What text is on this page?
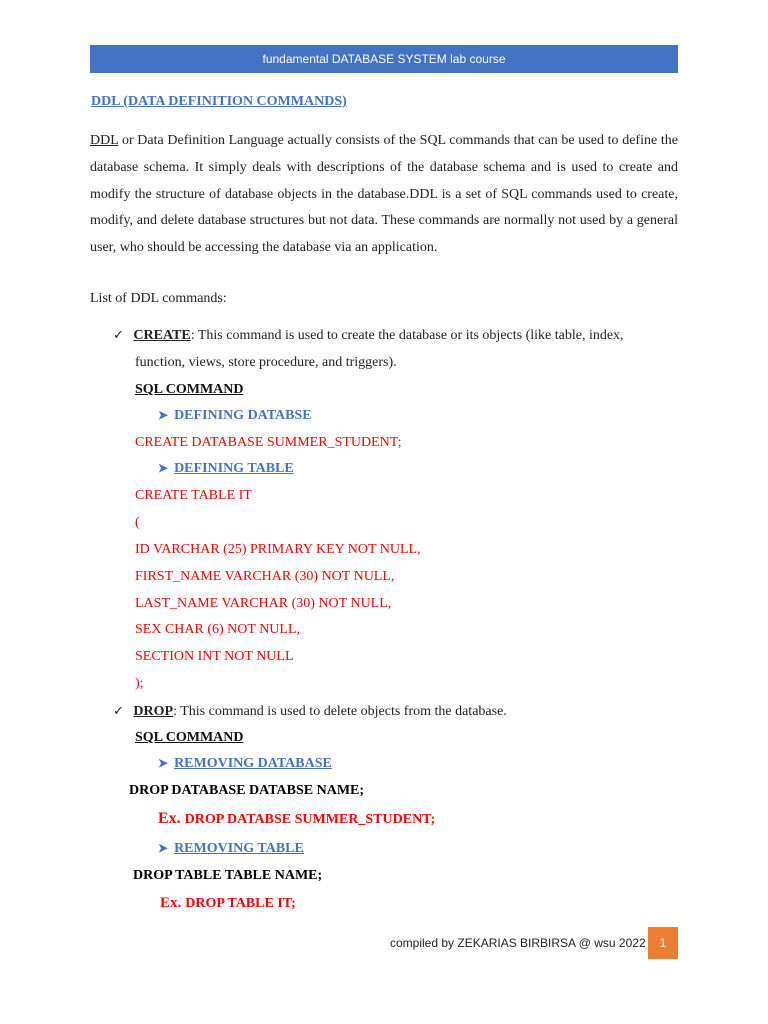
fundamental DATABASE SYSTEM lab course
DDL (DATA DEFINITION COMMANDS)
DDL or Data Definition Language actually consists of the SQL commands that can be used to define the database schema. It simply deals with descriptions of the database schema and is used to create and modify the structure of database objects in the database.DDL is a set of SQL commands used to create, modify, and delete database structures but not data. These commands are normally not used by a general user, who should be accessing the database via an application.
List of DDL commands:
✓ CREATE: This command is used to create the database or its objects (like table, index,
function, views, store procedure, and triggers).
SQL COMMAND
➤ DEFINING DATABSE
CREATE DATABASE SUMMER_STUDENT;
➤ DEFINING TABLE
CREATE TABLE IT
(
ID VARCHAR (25) PRIMARY KEY NOT NULL,
FIRST_NAME VARCHAR (30) NOT NULL,
LAST_NAME VARCHAR (30) NOT NULL,
SEX CHAR (6) NOT NULL,
SECTION INT NOT NULL
);
✓ DROP: This command is used to delete objects from the database.
SQL COMMAND
➤ REMOVING DATABASE
DROP DATABASE DATABSE NAME;
Ex. DROP DATABSE SUMMER_STUDENT;
➤ REMOVING TABLE
DROP TABLE TABLE NAME;
Ex. DROP TABLE IT;
compiled by ZEKARIAS BIRBIRSA @ wsu 2022 1
